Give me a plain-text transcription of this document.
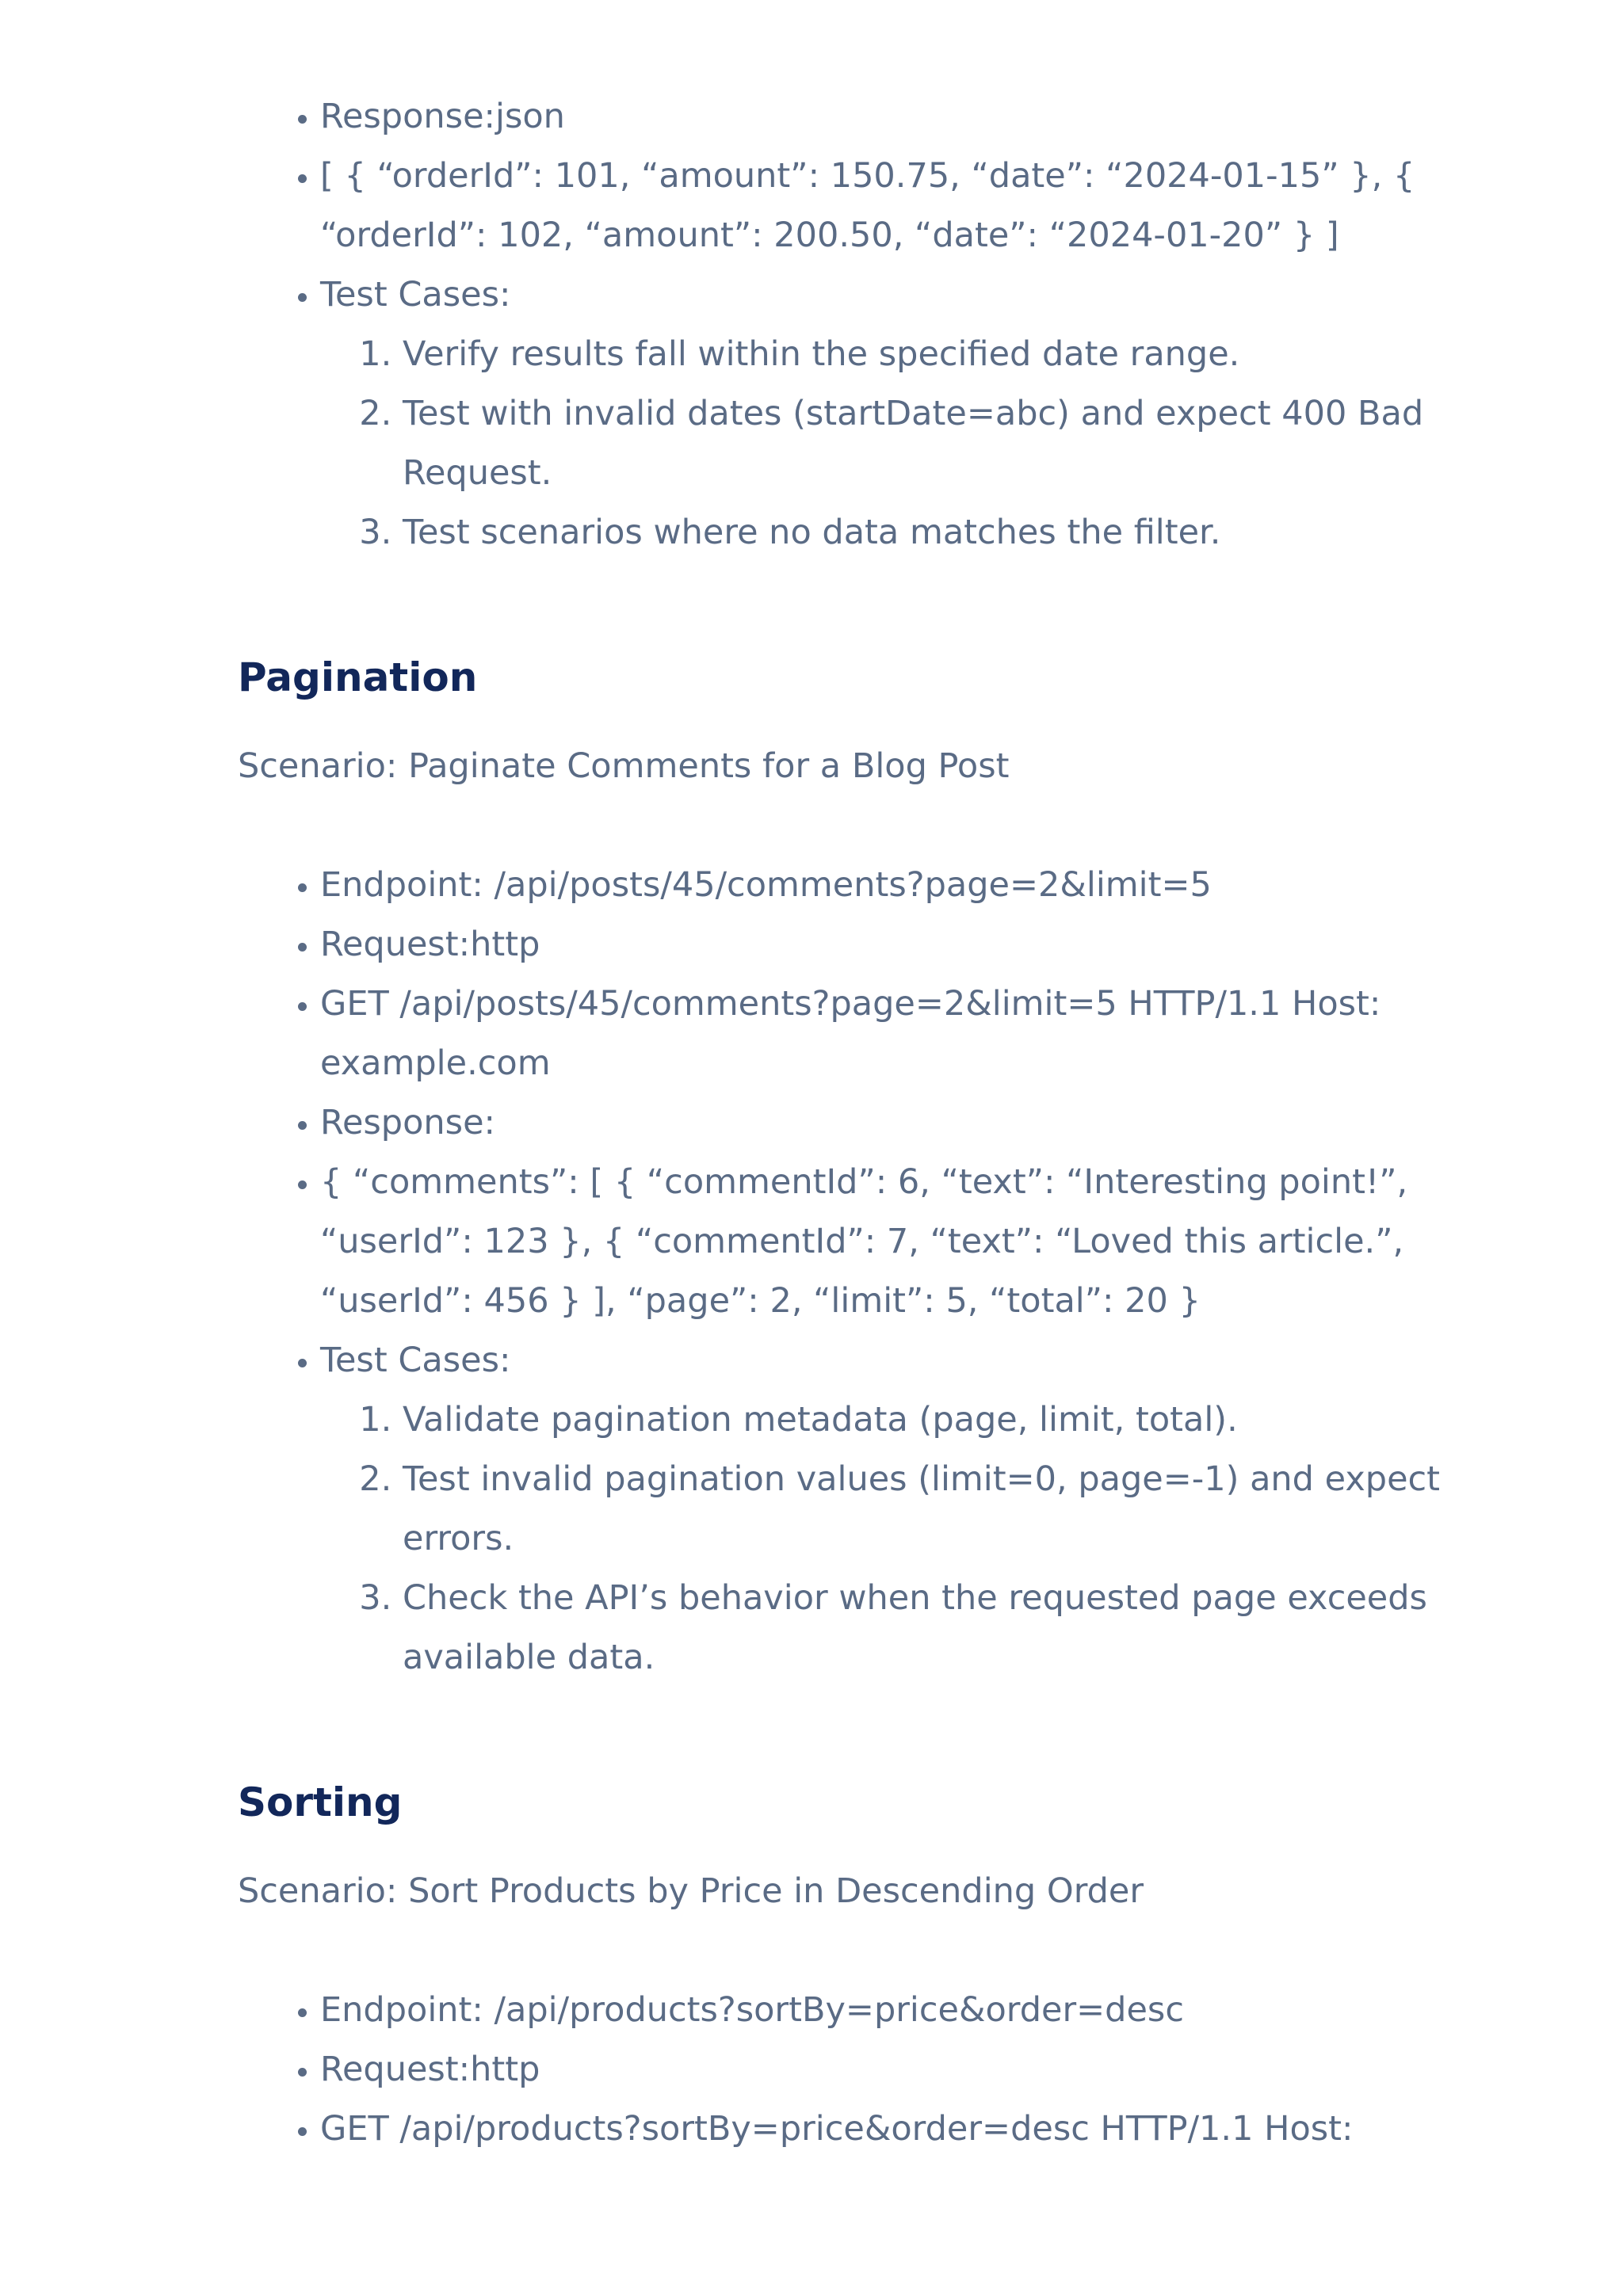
• Response:json
• [ { “orderId”: 101, “amount”: 150.75, “date”: “2024-01-15” }, { “orderId”: 102, “amount”: 200.50, “date”: “2024-01-20” } ]
• Test Cases:
1. Verify results fall within the specified date range.
2. Test with invalid dates (startDate=abc) and expect 400 Bad Request.
3. Test scenarios where no data matches the filter.
Pagination

Scenario: Paginate Comments for a Blog Post

• Endpoint: /api/posts/45/comments?page=2&limit=5
• Request:http
• GET /api/posts/45/comments?page=2&limit=5 HTTP/1.1 Host: example.com
• Response:
• { “comments”: [ { “commentId”: 6, “text”: “Interesting point!”, “userId”: 123 }, { “commentId”: 7, “text”: “Loved this article.”, “userId”: 456 } ], “page”: 2, “limit”: 5, “total”: 20 }
• Test Cases:
1. Validate pagination metadata (page, limit, total).
2. Test invalid pagination values (limit=0, page=-1) and expect errors.
3. Check the API’s behavior when the requested page exceeds available data.
Sorting

Scenario: Sort Products by Price in Descending Order

• Endpoint: /api/products?sortBy=price&order=desc
• Request:http
• GET /api/products?sortBy=price&order=desc HTTP/1.1 Host:
